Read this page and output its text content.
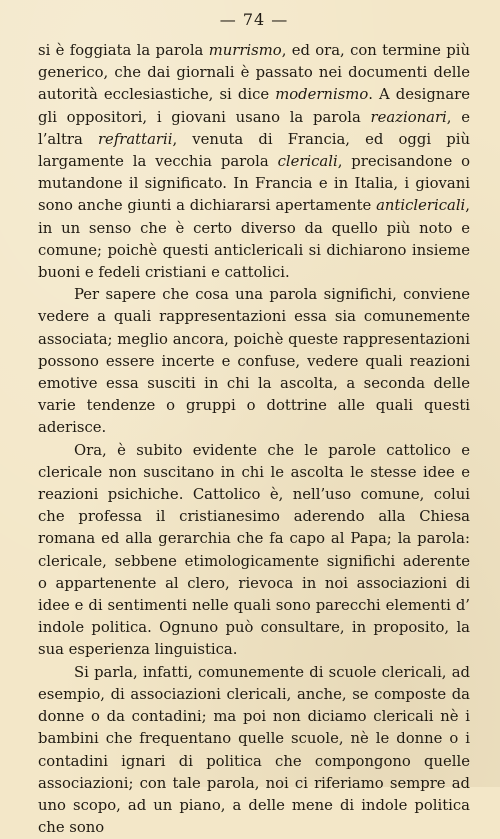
— 74 —

si è foggiata la parola murrismo, ed ora, con termine più generico, che dai giornali è passato nei documenti delle autorità ecclesiastiche, si dice modernismo. A designare gli oppositori, i giovani usano la parola reazionari, e l’altra refrattarii, venuta di Francia, ed oggi più largamente la vecchia parola clericali, precisandone o mutandone il significato. In Francia e in Italia, i giovani sono anche giunti a dichiararsi apertamente anticlericali, in un senso che è certo diverso da quello più noto e comune; poichè questi anticlericali si dichiarono insieme buoni e fedeli cristiani e cattolici.

Per sapere che cosa una parola significhi, conviene vedere a quali rappresentazioni essa sia comunemente associata; meglio ancora, poichè queste rappresentazioni possono essere incerte e confuse, vedere quali reazioni emotive essa susciti in chi la ascolta, a seconda delle varie tendenze o gruppi o dottrine alle quali questi aderisce.

Ora, è subito evidente che le parole cattolico e clericale non suscitano in chi le ascolta le stesse idee e reazioni psichiche. Cattolico è, nell’uso comune, colui che professa il cristianesimo aderendo alla Chiesa romana ed alla gerarchia che fa capo al Papa; la parola: clericale, sebbene etimologicamente significhi aderente o appartenente al clero, rievoca in noi associazioni di idee e di sentimenti nelle quali sono parecchi elementi d’ indole politica. Ognuno può consultare, in proposito, la sua esperienza linguistica.

Si parla, infatti, comunemente di scuole clericali, ad esempio, di associazioni clericali, anche, se composte da donne o da contadini; ma poi non diciamo clericali nè i bambini che frequentano quelle scuole, nè le donne o i contadini ignari di politica che compongono quelle associazioni; con tale parola, noi ci riferiamo sempre ad uno scopo, ad un piano, a delle mene di indole politica che sono
